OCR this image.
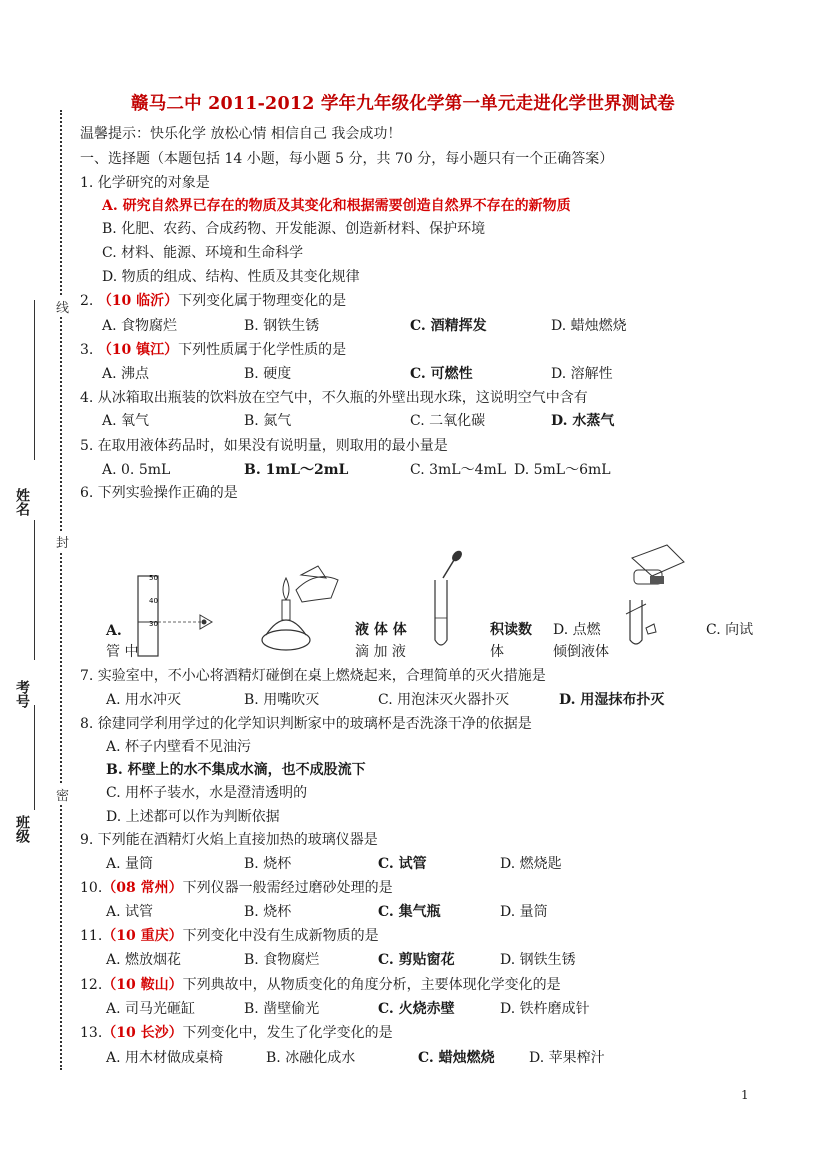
赣马二中 2011-2012 学年九年级化学第一单元走进化学世界测试卷
姓名
考号
班级
线
封
密
温馨提示：快乐化学 放松心情 相信自己 我会成功！
一、选择题（本题包括 14 小题，每小题 5 分，共 70 分，每小题只有一个正确答案）
1. 化学研究的对象是
A. 研究自然界已存在的物质及其变化和根据需要创造自然界不存在的新物质
B. 化肥、农药、合成药物、开发能源、创造新材料、保护环境
C. 材料、能源、环境和生命科学
D. 物质的组成、结构、性质及其变化规律
2. （10 临沂）下列变化属于物理变化的是
A. 食物腐烂	B. 钢铁生锈	C. 酒精挥发	D. 蜡烛燃烧
3. （10 镇江）下列性质属于化学性质的是
A. 沸点	B. 硬度	C. 可燃性	D. 溶解性
4. 从冰箱取出瓶装的饮料放在空气中，不久瓶的外壁出现水珠，这说明空气中含有
A. 氧气	B. 氮气	C. 二氧化碳	D. 水蒸气
5. 在取用液体药品时，如果没有说明量，则取用的最小量是
A. 0. 5mL	B. 1mL～2mL	C. 3mL～4mL D. 5mL～6mL
6. 下列实验操作正确的是
50
40
30
A.	液 体 体
滴 加 液
积读数
体
D. 点燃
倾倒液体
C. 向试
管 中
7. 实验室中，不小心将酒精灯碰倒在桌上燃烧起来，合理简单的灭火措施是
A. 用水冲灭	B. 用嘴吹灭	C. 用泡沫灭火器扑灭	D. 用湿抹布扑灭
8. 徐建同学利用学过的化学知识判断家中的玻璃杯是否洗涤干净的依据是
A. 杯子内壁看不见油污
B. 杯壁上的水不集成水滴，也不成股流下
C. 用杯子装水，水是澄清透明的
D. 上述都可以作为判断依据
9. 下列能在酒精灯火焰上直接加热的玻璃仪器是
A. 量筒	B. 烧杯	C. 试管	D. 燃烧匙
10.（08 常州）下列仪器一般需经过磨砂处理的是
A. 试管	B. 烧杯	C. 集气瓶	D. 量筒
11.（10 重庆）下列变化中没有生成新物质的是
A. 燃放烟花	B. 食物腐烂	C. 剪贴窗花	D. 钢铁生锈
12.（10 鞍山）下列典故中，从物质变化的角度分析，主要体现化学变化的是
A. 司马光砸缸	B. 凿壁偷光	C. 火烧赤壁	D. 铁杵磨成针
13.（10 长沙）下列变化中，发生了化学变化的是
A. 用木材做成桌椅	B. 冰融化成水	C. 蜡烛燃烧 D. 苹果榨汁
1
